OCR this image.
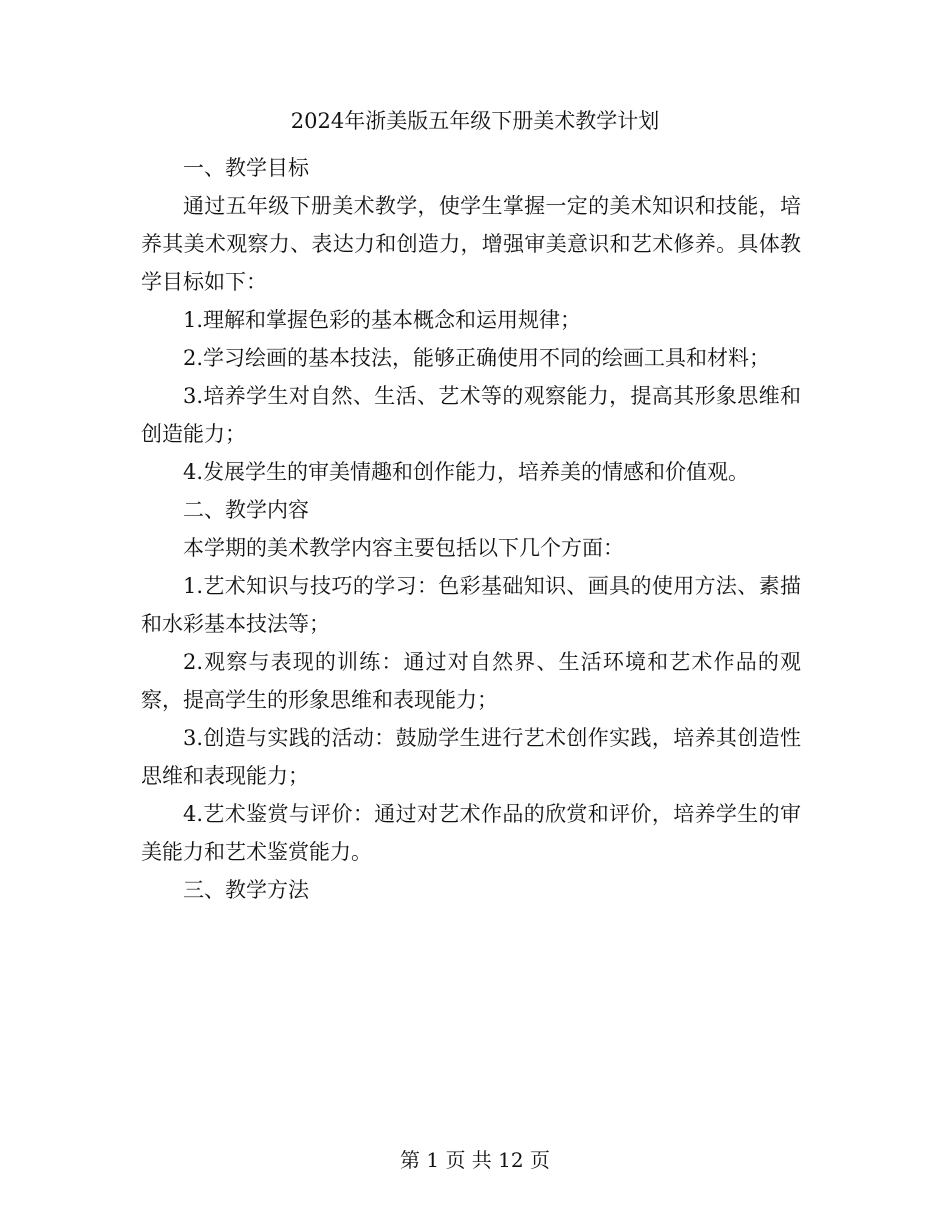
2024年浙美版五年级下册美术教学计划

一、教学目标

通过五年级下册美术教学，使学生掌握一定的美术知识和技能，培养其美术观察力、表达力和创造力，增强审美意识和艺术修养。具体教学目标如下：

1.理解和掌握色彩的基本概念和运用规律；

2.学习绘画的基本技法，能够正确使用不同的绘画工具和材料；

3.培养学生对自然、生活、艺术等的观察能力，提高其形象思维和创造能力；

4.发展学生的审美情趣和创作能力，培养美的情感和价值观。

二、教学内容

本学期的美术教学内容主要包括以下几个方面：

1.艺术知识与技巧的学习：色彩基础知识、画具的使用方法、素描和水彩基本技法等；

2.观察与表现的训练：通过对自然界、生活环境和艺术作品的观察，提高学生的形象思维和表现能力；

3.创造与实践的活动：鼓励学生进行艺术创作实践，培养其创造性思维和表现能力；

4.艺术鉴赏与评价：通过对艺术作品的欣赏和评价，培养学生的审美能力和艺术鉴赏能力。

三、教学方法

第 1 页 共 12 页
